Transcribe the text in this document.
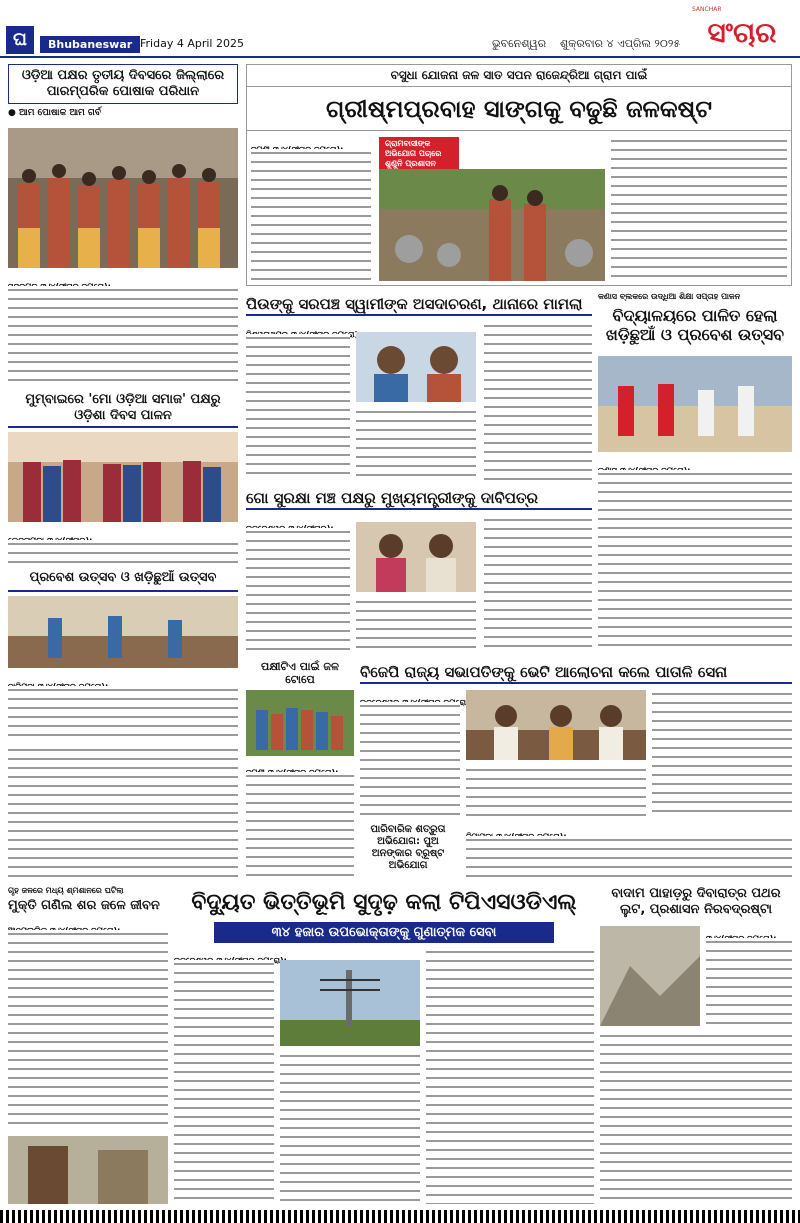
ଘ	Bhubaneswar Friday 4 April 2025	ଭୁବନେଶ୍ୱର ଶୁକ୍ରବାର ୪ ଏପ୍ରିଲ ୨୦୨୫
SANCHAR
ସଂଚାର
ଓଡ଼ିଆ ପକ୍ଷର ତୃତୀୟ ଦିବସରେ ଜିଲ୍ଲାରେ ପାରମ୍ପରିକ ପୋଷାକ ପରିଧାନ
● ଆମ ପୋଷାକ ଆମ ଗର୍ବ
ମୁମ୍ବାଇରେ 'ମୋ ଓଡ଼ିଆ ସମାଜ' ପକ୍ଷରୁ ଓଡ଼ିଶା ଦିବସ ପାଳନ
ପ୍ରବେଶ ଉତ୍ସବ ଓ ଖଡ଼ିଛୁଆଁ ଉତ୍ସବ
ବସୁଧା ଯୋଜନା ଜଳ ସାତ ସପନ ରାଜେନ୍ଦ୍ରିଆ ଗ୍ରାମ ପାଇଁ
ଗ୍ରୀଷ୍ମପ୍ରବାହ ସାଙ୍ଗକୁ ବଢୁଛି ଜଳକଷ୍ଟ
ଗ୍ରାମବାସୀଙ୍କ ଅଭିଯୋଗ ପଚାରେ ଶୁଣୁନି ପ୍ରଶାସନ
ପିଉଙ୍କୁ ସରପଞ୍ଚ ସ୍ୱାମୀଙ୍କ ଅସଦାଚରଣ, ଥାନାରେ ମାମଲା	କଣାସ ବ୍ଲକରେ ଉଦ୍ଧିଆ ଶିକ୍ଷା ସପ୍ତାହ ପାଳନ
ବିଦ୍ୟାଳୟରେ ପାଳିତ ହେଲା ଖଡ଼ିଛୁଆଁ ଓ ପ୍ରବେଶ ଉତ୍ସବ
ଗୋ ସୁରକ୍ଷା ମଞ୍ଚ ପକ୍ଷରୁ ମୁଖ୍ୟମନ୍ତ୍ରୀଙ୍କୁ ଦାବିପତ୍ର
ପକ୍ଷୀଟିଏ ପାଇଁ ଜଳ ଟୋପେ	ବିଜେପି ରାଜ୍ୟ ସଭାପତିଙ୍କୁ ଭେଟି ଆଲୋଚନା କଲେ ପାତାଳି ସେନା
ପାରିବାରିକ ଶତ୍ରୁତା ଅଭିଯୋଗ: ପୁଅ ଅନଙ୍କାର ବ୍ରୂଷ୍ଟ ଅଭିଯୋଗ
ଗୃହ ଜଳରେ ମଧ୍ୟ ଶ୍ମଶାନରେ ଘଟିଲା
ମୁକ୍ତି ଗଣିଲ ଶର ଜଳେ ଜୀବନ	ବିଦ୍ୟୁତ ଭିତ୍ତିଭୂମି ସୁଦୃଢ଼ କଲା ଟିପିଏସଓଡିଏଲ୍
୩୪ ହଜାର ଉପଭୋକ୍ତାଙ୍କୁ ଗୁଣାତ୍ମକ ସେବା
ବାଦାମ ପାହାଡ଼ରୁ ଦିବାରାତ୍ର ପଥର ଲୁଟ, ପ୍ରଶାସନ ନିରବଦ୍ରଷ୍ଟା
